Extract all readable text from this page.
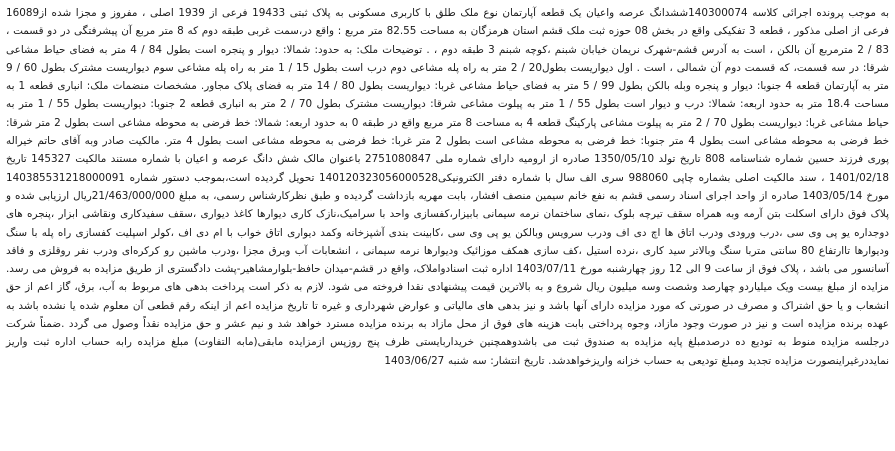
به موجب پرونده اجرائی کلاسه 140300074ششدانگ عرصه واعیان یک قطعه آپارتمان نوع ملک طلق با کاربری مسکونی به پلاک ثبتی 19433 فرعی از 1939 اصلی ، مفروز و مجزا شده از16089 فرعی از اصلی مذکور ، قطعه 3 تفکیکی واقع در بخش 08 حوزه ثبت ملک قشم استان هرمزگان به مساحت 82.55 متر مربع : واقع در،سمت غربی طبقه دوم که 8 متر مربع آن پیشرفتگی در دو قسمت ، 83 / 2 مترمربع آن بالکن ، است به آدرس قشم-شهرک نریمان خیابان شبنم ،کوچه شبنم 3 طبقه دوم ، . توضیحات ملک: به حدود: شمالا: دیوار و پنجره است بطول 84 / 4 متر به فضای حیاط مشاعی شرقا: در سه قسمت، که قسمت دوم آن شمالی ، است . اول دیواریست بطول20 / 2 متر به راه پله مشاعی دوم درب است بطول 15 / 1 متر به راه پله مشاعی سوم دیواریست مشترک بطول 60 / 9 متر به آپارتمان قطعه 4 جنوبا: دیوار و پنجره وبله بالکن بطول 99 / 5 متر به فضای حیاط مشاعی غربا: دیواریست بطول 80 / 14 متر به فضای پلاک مجاور. مشخصات منضمات ملک: انباری قطعه 1 به مساحت 18.4 متر به حدود اربعه: شمالا: درب و دیوار است بطول 55 / 1 متر به پیلوت مشاعی شرقا: دیواریست مشترک بطول 70 / 2 متر به انباری قطعه 2 جنوبا: دیواریست بطول 55 / 1 متر به حیاط مشاعی غربا: دیواریست بطول 70 / 2 متر به پیلوت مشاعی پارکینگ قطعه 4 به مساحت 8 متر مربع واقع در طبقه 0 به حدود اربعه: شمالا: خط فرضی به محوطه مشاعی است بطول 2 متر شرقا: خط فرضی به محوطه مشاعی است بطول 4 متر جنوبا: خط فرضی به محوطه مشاعی است بطول 2 متر غربا: خط فرضی به محوطه مشاعی است بطول 4 متر. مالکیت صادر وبه آقای حاتم خیراله پوری فرزند حسین شماره شناسنامه 808 تاریخ تولد 1350/05/10 صادره از ارومیه دارای شماره ملی 2751080847 باعنوان مالک شش دانگ عرصه و اعیان با شماره مستند مالکیت 145327 تاریخ 1401/02/18 ، سند مالکیت اصلی بشماره چاپی 988060 سری الف سال با شماره دفتر الکترونیکی140120323056000528 تحویل گردیده است،بموجب دستور شماره 140385531218000091 مورخ 1403/05/14 صادره از واحد اجرای اسناد رسمی قشم به نفع خانم سیمین منصف افشار، بابت مهریه بازداشت گردیده و طبق نظرکارشناس رسمی، به مبلغ 21/463/000/000ریال ارزیابی شده و پلاک فوق دارای اسکلت بتن آرمه وبه همراه سقف تیرچه بلوک ،نمای ساختمان نرمه سیمانی بابیزار،کفسازی واحد با سرامیک،نازک کاری دیوارها کاغذ دیواری ،سقف سفیدکاری ونقاشی ابزار ،پنجره های دوجداره یو پی وی سی ،درب ورودی ودرب اتاق ها اچ دی اف ودرب سرویس وبالکن یو پی وی سی ،کابینت بندی آشپزخانه وکمد دیواری اتاق خواب با ام دی اف ،کولر اسپلیت کفسازی راه پله با سنگ ودیوارها تاارتفاع 80 سانتی متربا سنگ وبالاتر سید کاری ،نرده استیل ،کف سازی همکف موزائیک ودیوارها نرمه سیمانی ، انشعابات آب وبرق مجزا ،ودرب ماشین رو کرکره‌ای ودرب نفر روقلزی و فاقد آسانسور می باشد ، پلاک فوق از ساعت 9 الی 12 روز چهارشنبه مورخ 1403/07/11 اداره ثبت اسنادواملاک، واقع در قشم-میدان حافظ-بلوارمشاهیر-پشت دادگستری از طریق مزایده به فروش می رسد. مزایده از مبلغ بیست ویک میلیاردو چهارصد وشصت وسه میلیون ریال شروع و به بالاترین قیمت پیشنهادی نقدا فروخته می شود. لازم به ذکر است پرداخت بدهی های مربوط به آب، برق، گاز اعم از حق انشعاب و یا حق اشتراک و مصرف در صورتی که مورد مزایده دارای آنها باشد و نیز بدهی های مالیاتی و عوارض شهرداری و غیره تا تاریخ مزایده اعم از اینکه رقم قطعی آن معلوم شده یا نشده باشد به عهده برنده مزایده است و نیز در صورت وجود مازاد، وجوه پرداختی بابت هزینه های فوق از محل مازاد به برنده مزایده مسترد خواهد شد و نیم عشر و حق مزایده نقداً وصول می گردد .ضمناً شرکت درجلسه مزایده منوط به تودیع ده درصدمبلغ پایه مزایده به صندوق ثبت می باشدوهمچنین خریداربایستی ظرف پنج روزپس ازمزایده مابقی(مابه التفاوت) مبلغ مزایده رابه حساب اداره ثبت واریز نمایددرغیراینصورت مزایده تجدید ومبلغ تودیعی به حساب خزانه واریزخواهدشد. تاریخ انتشار: سه شنبه 1403/06/27
